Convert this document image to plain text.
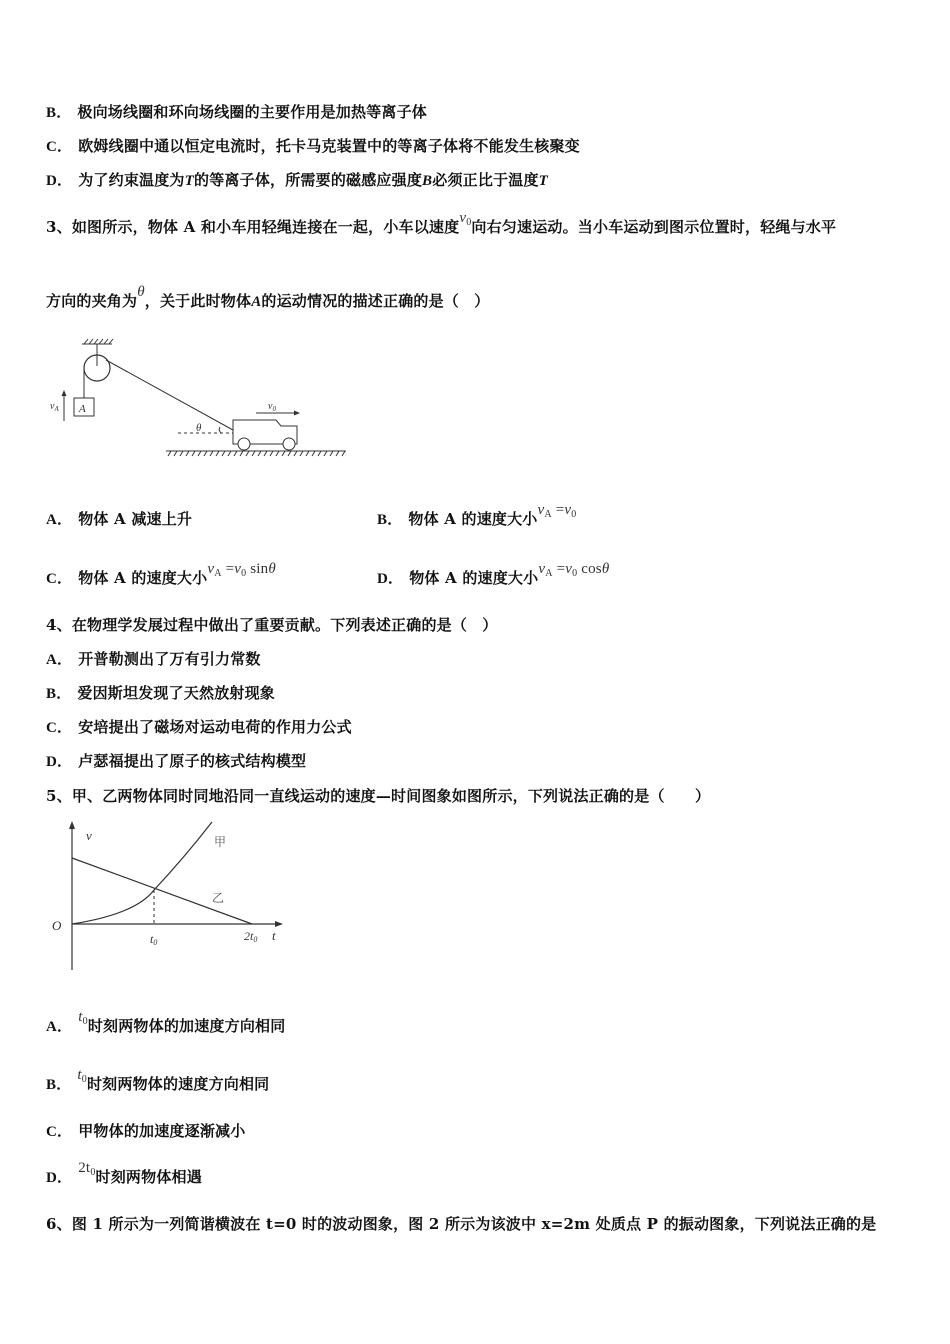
B． 极向场线圈和环向场线圈的主要作用是加热等离子体
C． 欧姆线圈中通以恒定电流时，托卡马克装置中的等离子体将不能发生核聚变
D． 为了约束温度为T的等离子体，所需要的磁感应强度B必须正比于温度T
3、如图所示，物体 A 和小车用轻绳连接在一起，小车以速度$v_0$向右匀速运动。当小车运动到图示位置时，轻绳与水平
方向的夹角为θ，关于此时物体A的运动情况的描述正确的是（　）
A
$v_A$
θ
$v_0$
A． 物体 A 减速上升	B． 物体 A 的速度大小$v_A =v_0$
C． 物体 A 的速度大小$v_A =v_0$ sinθ
D． 物体 A 的速度大小$v_A =v_0$ cosθ
4、在物理学发展过程中做出了重要贡献。下列表述正确的是（　）
A． 开普勒测出了万有引力常数
B． 爱因斯坦发现了天然放射现象
C． 安培提出了磁场对运动电荷的作用力公式
D． 卢瑟福提出了原子的核式结构模型
5、甲、乙两物体同时同地沿同一直线运动的速度—时间图象如图所示，下列说法正确的是（　　）
v
t
O
t0	2t0
甲
乙
A．$t_0$时刻两物体的加速度方向相同
B．$t_0$时刻两物体的速度方向相同
C． 甲物体的加速度逐渐减小
D．$2t_0$时刻两物体相遇
6、图 1 所示为一列简谐横波在 t=0 时的波动图象，图 2 所示为该波中 x=2m 处质点 P 的振动图象，下列说法正确的是
